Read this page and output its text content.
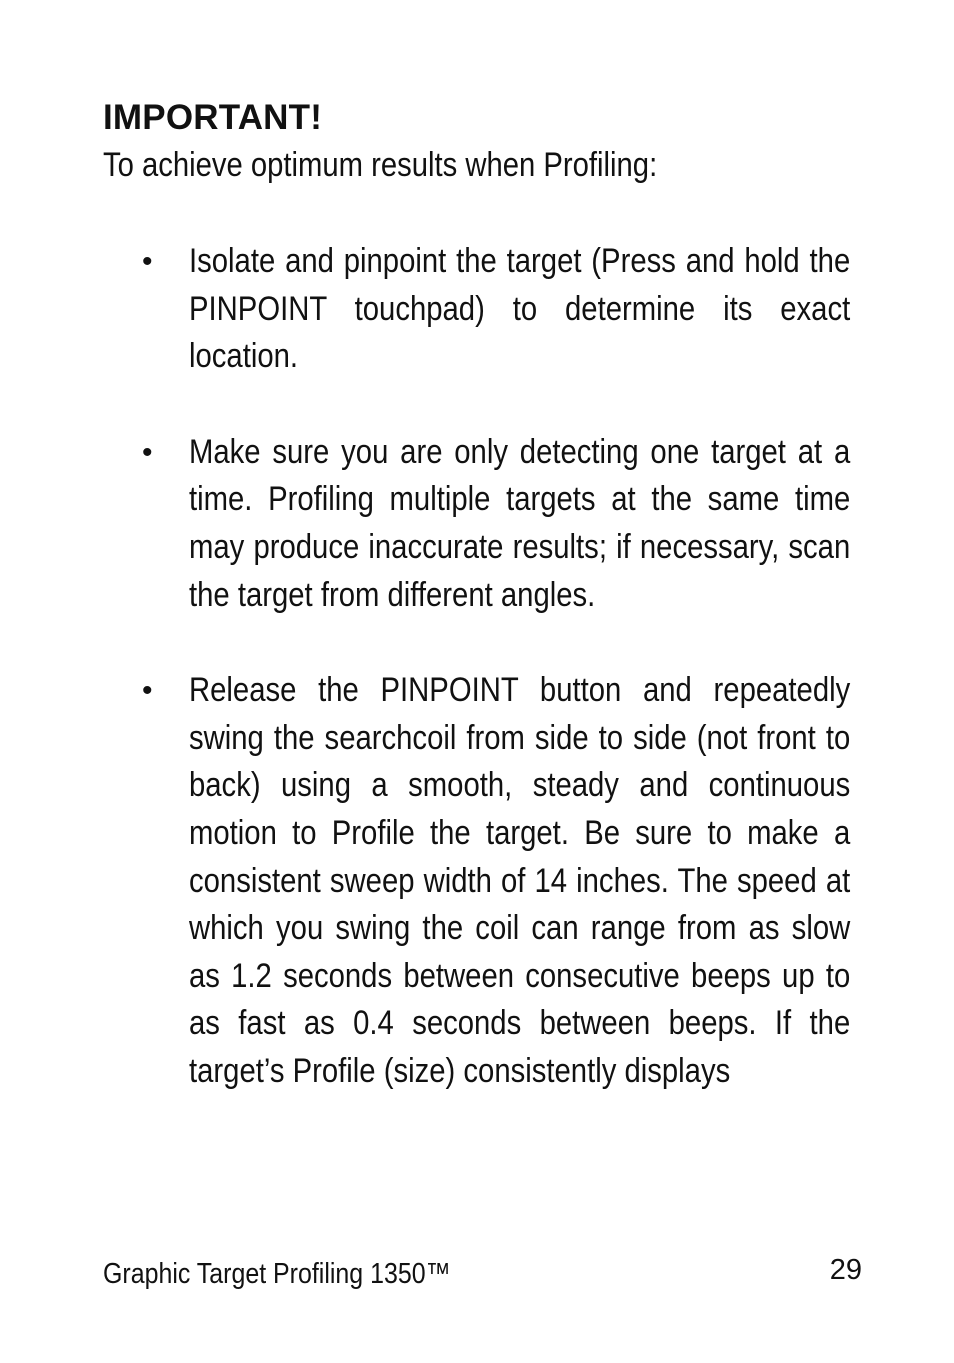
IMPORTANT!

To achieve optimum results when Profiling:

• Isolate and pinpoint the target (Press and hold the PINPOINT touchpad) to determine its exact location.
• Make sure you are only detecting one target at a time. Profiling multiple targets at the same time may produce inaccurate results; if necessary, scan the target from different angles.
• Release the PINPOINT button and repeatedly swing the searchcoil from side to side (not front to back) using a smooth, steady and continuous motion to Profile the target. Be sure to make a consistent sweep width of 14 inches. The speed at which you swing the coil can range from as slow as 1.2 seconds between consecutive beeps up to as fast as 0.4 seconds between beeps. If the target’s Profile (size) consistently displays

Graphic Target Profiling 1350™	29
